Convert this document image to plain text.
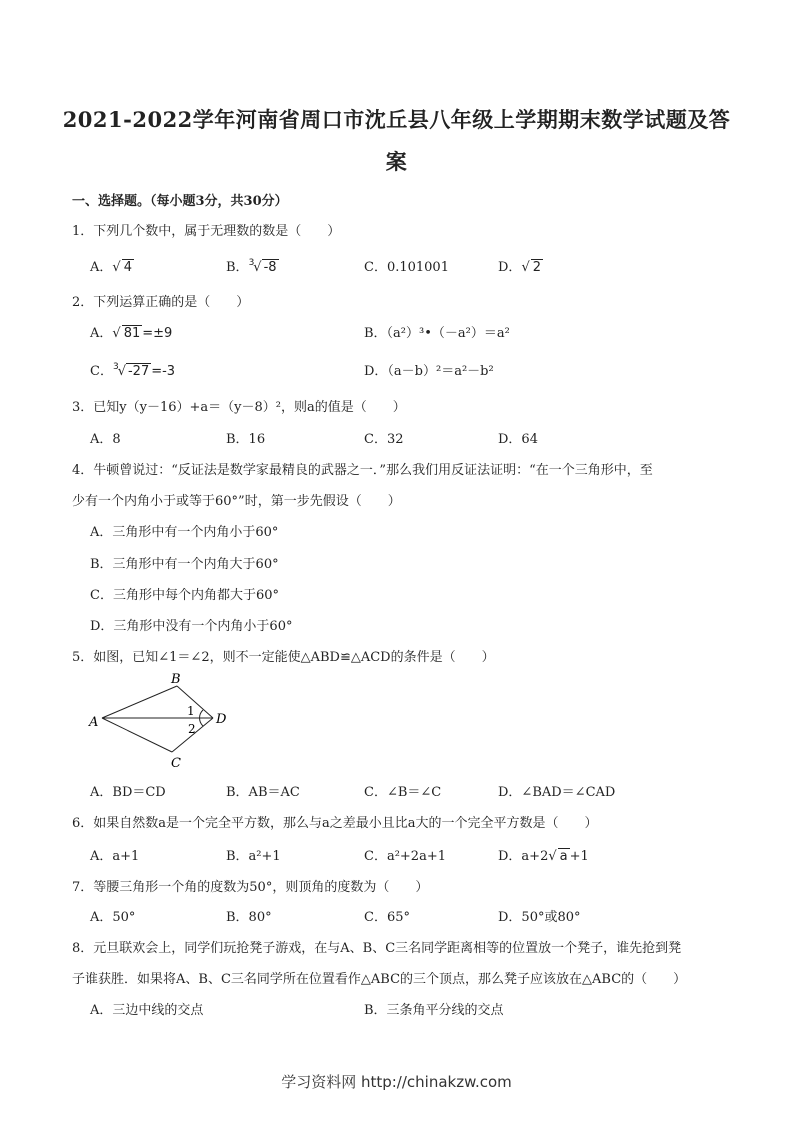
2021-2022学年河南省周口市沈丘县八年级上学期期末数学试题及答
案
一、选择题。（每小题3分，共30分）
1．下列几个数中，属于无理数的数是（　　）
A．√ 4	B．$^3$√ -8	C．0.101001	D．√ 2
2．下列运算正确的是（　　）
A．√ 81 =±9	B．（a²）³•（－a²）＝a²
C．$^3$√ -27 =-3	D．（a－b）²＝a²－b²
3．已知y（y－16）+a＝（y－8）²，则a的值是（　　）
A．8	B．16	C．32	D．64
4．牛顿曾说过：“反证法是数学家最精良的武器之一．”那么我们用反证法证明：“在一个三角形中，至
少有一个内角小于或等于60°”时，第一步先假设（　　）
A．三角形中有一个内角小于60°
B．三角形中有一个内角大于60°
C．三角形中每个内角都大于60°
D．三角形中没有一个内角小于60°
5．如图，已知∠1＝∠2，则不一定能使△ABD≌△ACD的条件是（　　）
A
B
C
D
1
2
A．BD＝CD	B．AB＝AC	C．∠B＝∠C	D．∠BAD＝∠CAD
6．如果自然数a是一个完全平方数，那么与a之差最小且比a大的一个完全平方数是（　　）
A．a+1	B．a²+1	C．a²+2a+1	D．a+2√ a +1
7．等腰三角形一个角的度数为50°，则顶角的度数为（　　）
A．50°	B．80°	C．65°	D．50°或80°
8．元旦联欢会上，同学们玩抢凳子游戏，在与A、B、C三名同学距离相等的位置放一个凳子，谁先抢到凳
子谁获胜．如果将A、B、C三名同学所在位置看作△ABC的三个顶点，那么凳子应该放在△ABC的（　　）
A．三边中线的交点	B．三条角平分线的交点
学习资料网 http://chinakzw.com
